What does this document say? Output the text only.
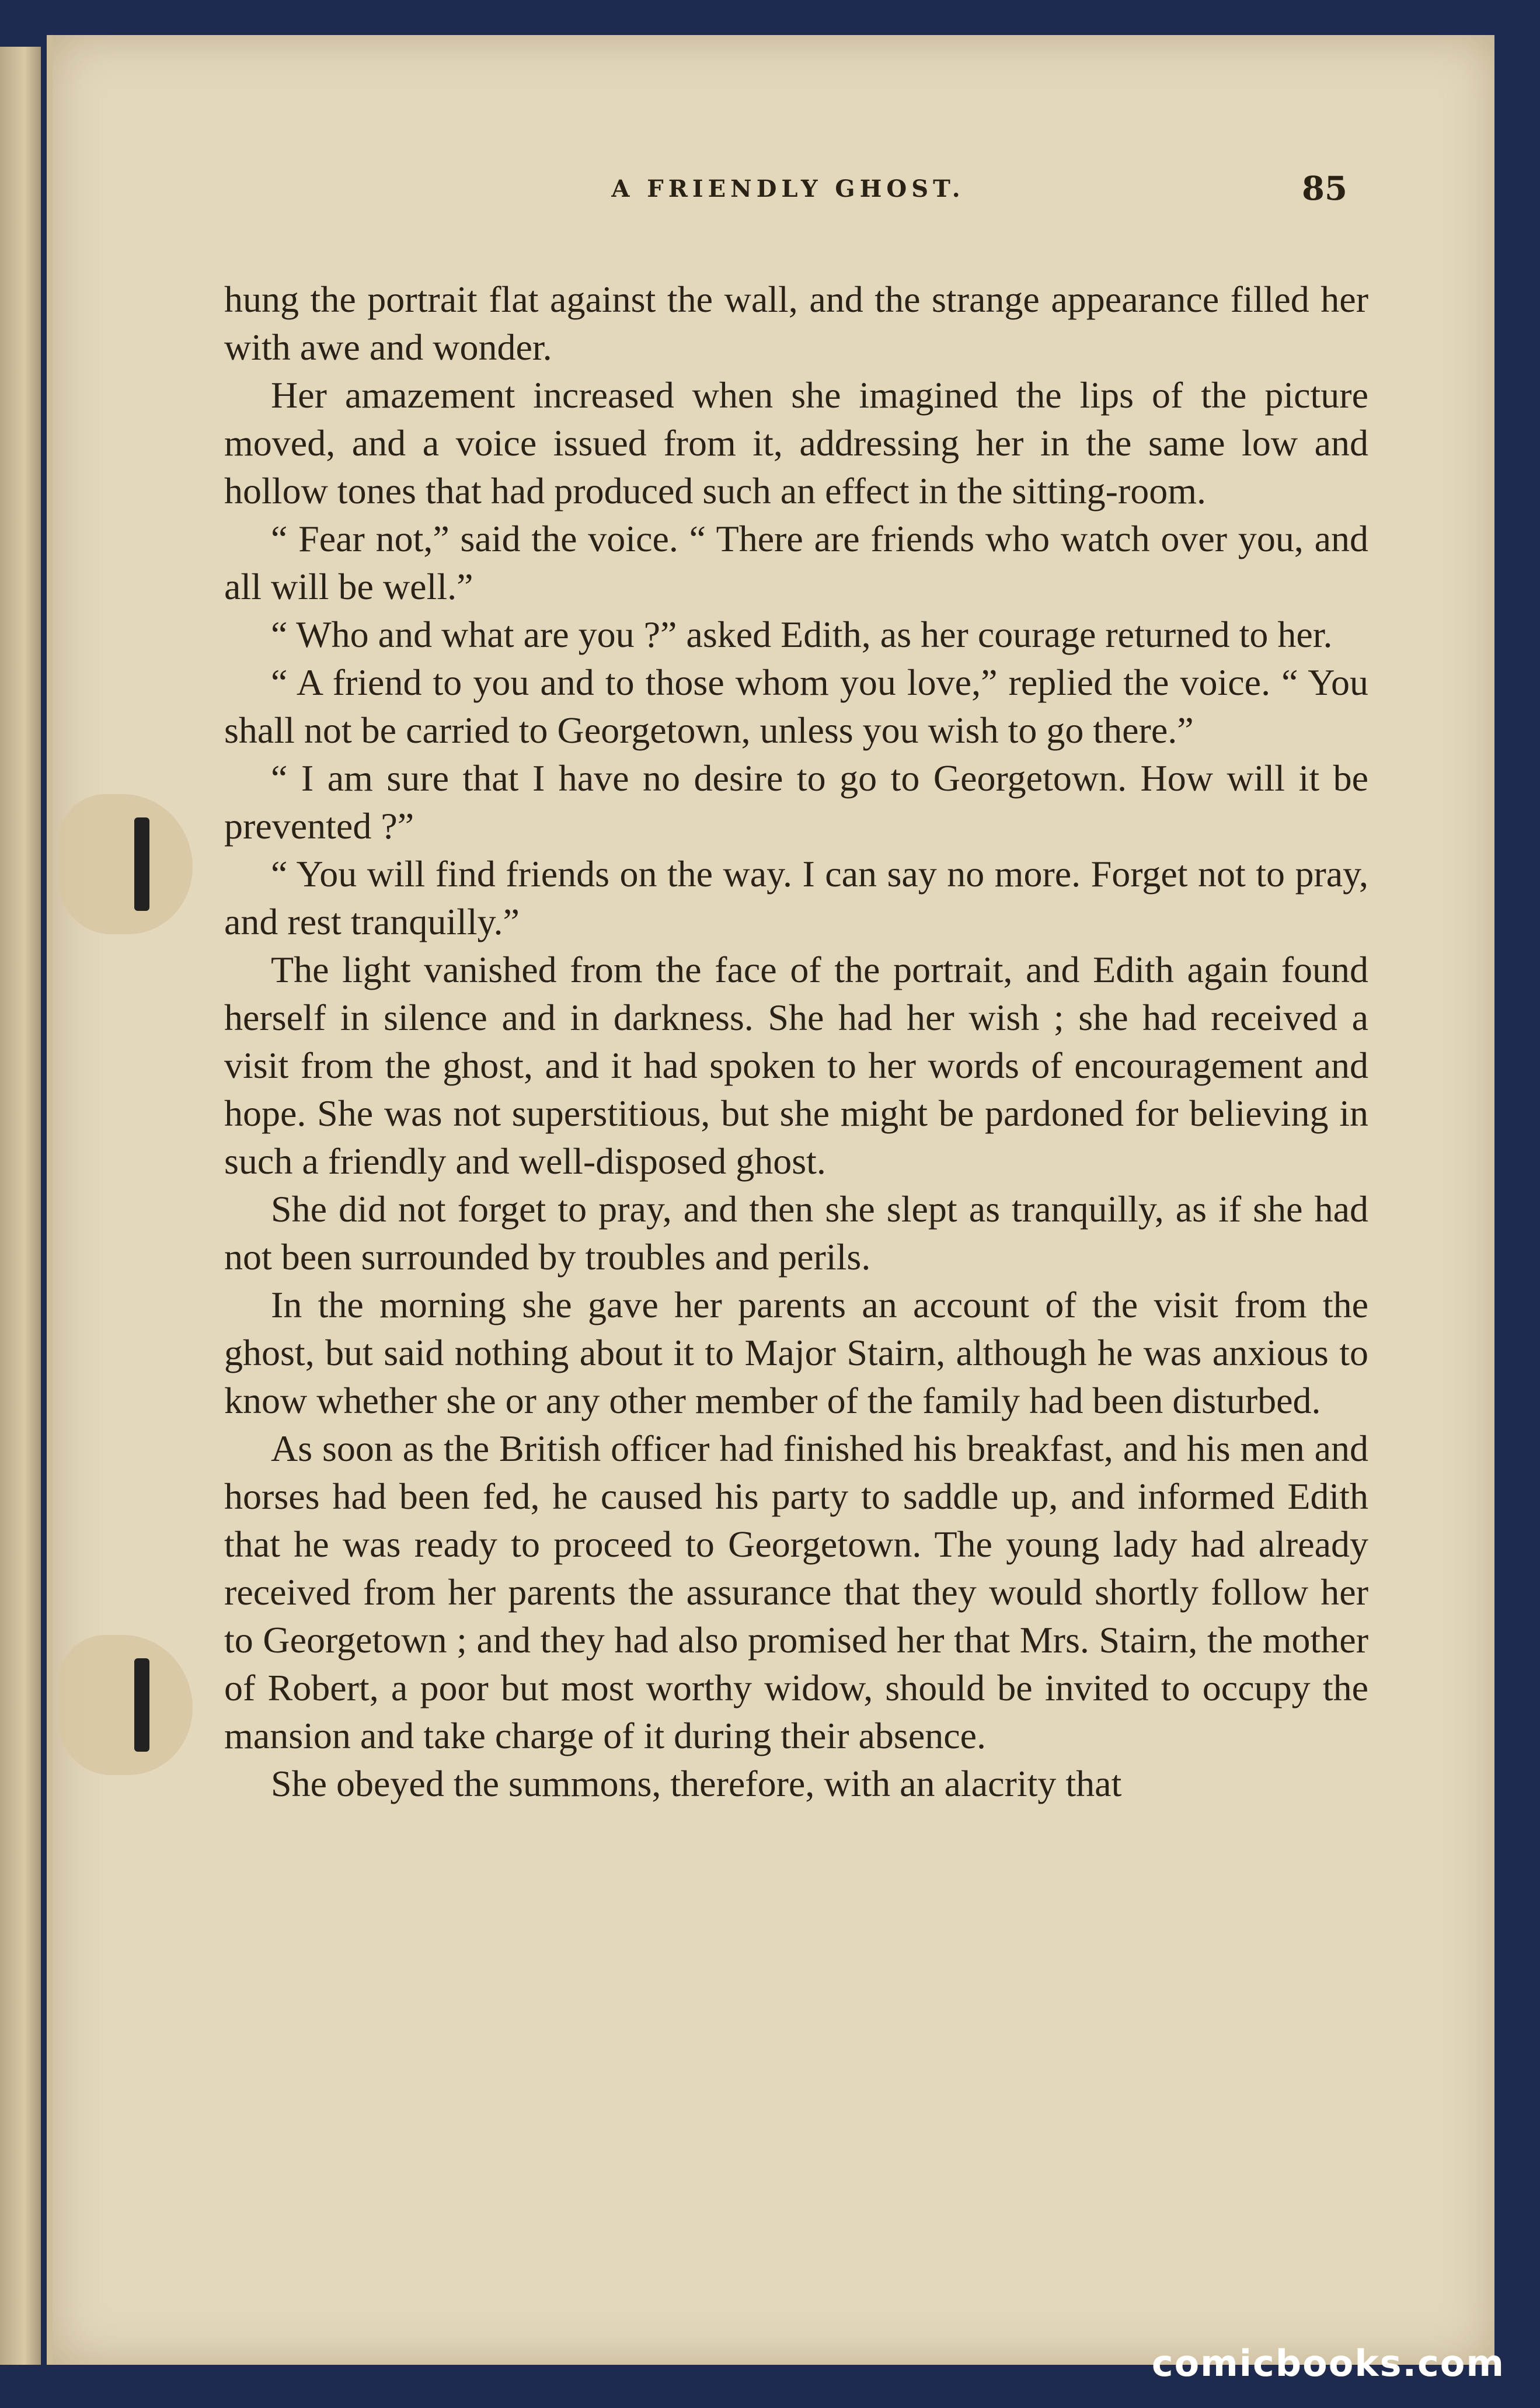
A FRIENDLY GHOST.	85

hung the portrait flat against the wall, and the strange appearance filled her with awe and wonder.

Her amazement increased when she imagined the lips of the picture moved, and a voice issued from it, addressing her in the same low and hollow tones that had produced such an effect in the sitting-room.

“ Fear not,” said the voice. “ There are friends who watch over you, and all will be well.”

“ Who and what are you ?” asked Edith, as her courage returned to her.

“ A friend to you and to those whom you love,” replied the voice. “ You shall not be carried to Georgetown, unless you wish to go there.”

“ I am sure that I have no desire to go to Georgetown. How will it be prevented ?”

“ You will find friends on the way. I can say no more. Forget not to pray, and rest tranquilly.”

The light vanished from the face of the portrait, and Edith again found herself in silence and in darkness. She had her wish ; she had received a visit from the ghost, and it had spoken to her words of encouragement and hope. She was not superstitious, but she might be pardoned for believing in such a friendly and well-disposed ghost.

She did not forget to pray, and then she slept as tranquilly, as if she had not been surrounded by troubles and perils.

In the morning she gave her parents an account of the visit from the ghost, but said nothing about it to Major Stairn, although he was anxious to know whether she or any other member of the family had been disturbed.

As soon as the British officer had finished his breakfast, and his men and horses had been fed, he caused his party to saddle up, and informed Edith that he was ready to proceed to Georgetown. The young lady had already received from her parents the assurance that they would shortly follow her to Georgetown ; and they had also promised her that Mrs. Stairn, the mother of Robert, a poor but most worthy widow, should be invited to occupy the mansion and take charge of it during their absence.

She obeyed the summons, therefore, with an alacrity that

comicbooks.com
